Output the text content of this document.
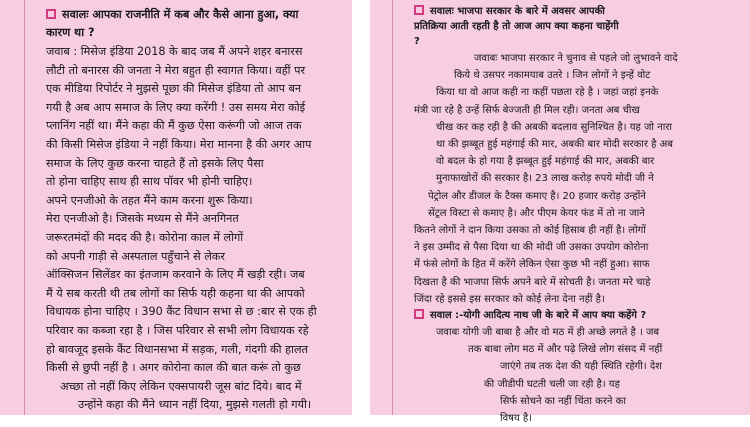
सवालः आपका राजनीति में कब और कैसे आना हुआ, क्या
कारण था ?
जवाब : मिसेज इंडिया 2018 के बाद जब मैं अपने शहर बनारस
लौटी तो बनारस की जनता ने मेरा बहुत ही स्वागत किया। वहीं पर
एक मीडिया रिपोर्टर ने मुझसे पूछा की मिसेज इंडिया तो आप बन
गयी है अब आप समाज के लिए क्या करेंगी ! उस समय मेरा कोई
प्लानिंग नहीं था। मैंने कहा की मैं कुछ ऐसा करूंगी जो आज तक
की किसी मिसेज इंडिया ने नहीं किया। मेरा मानना है की अगर आप
समाज के लिए कुछ करना चाहते हैं तो इसके लिए पैसा
तो होना चाहिए साथ ही साथ पॉवर भी होनी चाहिए।
अपने एनजीओ के तहत मैंने काम करना शुरू किया।
मेरा एनजीओ है। जिसके मध्यम से मैंने अनगिनत
जरूरतमंदों की मदद की है। कोरोना काल में लोगों
को अपनी गाड़ी से अस्पताल पहुँचाने से लेकर
ऑक्सिजन सिलेंडर का इंतजाम करवाने के लिए मैं खड़ी रही। जब
मैं ये सब करती थी तब लोगों का सिर्फ यही कहना था की आपको
विधायक होना चाहिए । 390 कैंट विधान सभा से छ :बार से एक ही
परिवार का कब्जा रहा है । जिस परिवार से सभी लोग विधायक रहे
हो बावजूद इसके कैंट विधानसभा में सड़क, गली, गंदगी की हालत
किसी से छुपी नहीं है । अगर कोरोना काल की बात करूं तो कुछ
अच्छा तो नहीं किए लेकिन एक्सपायरी जूस बांट दिये। बाद में
उन्होंने कहा की मैंने ध्यान नहीं दिया, मुझसे गलती हो गयी।
सवालः भाजपा सरकार के बारे में अवसर आपकी
प्रतिक्रिया आती रहती है तो आज आप क्या कहना चाहेंगी
?
जवाबः भाजपा सरकार ने चुनाव से पहले जो लुभावने वादे
किये थे उसपर नकामयाब उतरे । जिन लोगों ने इन्हें वोट
किया था वो आज कही ना कहीं पछता रहे है । जहां जहां इनके
मंत्री जा रहे है उन्हें सिर्फ बेज्जती ही मिल रही। जनता अब चीख
चीख कर कह रही है की अबकी बदलाव सुनिश्चित है। यह जो नारा
था की झब्बूत हुई महंगाई की मार, अबकी बार मोदी सरकार है अब
वो बदल के हो गया है झब्बूत हुई महंगाई की मार, अबकी बार
मुनाफाखोरों की सरकार है। 23 लाख करोड़ रुपये मोदी जी ने
पेट्रोल और डीजल के टैक्स कमाए है। 20 हजार करोड़ उन्होंने
सेंट्रल विस्टा से कमाए है। और पीएम केयर फंड में तो ना जाने
कितने लोगों ने दान किया उसका तो कोई हिसाब ही नहीं है। लोगों
ने इस उम्मीद से पैसा दिया था की मोदी जी उसका उपयोग कोरोना
में फंसे लोगों के हित में करेंगे लेकिन ऐसा कुछ भी नहीं हुआ। साफ
दिखता है की भाजपा सिर्फ अपने बारे में सोचती है। जनता मरे चाहे
जिंदा रहे इससे इस सरकार को कोई लेना देना नहीं है।
सवाल :-योगी आदित्य नाथ जी के बारे में आप क्या कहेंगे ?
जवाबः योगी जी बाबा है और वो मठ में ही अच्छे लगते है । जब
तक बाबा लोग मठ में और पढ़े लिखे लोग संसद में नहीं
जाएंगे तब तक देश की यही स्थिति रहेगी। देश
की जीडीपी घटती चली जा रही है। यह
सिर्फ सोचने का नहीं चिंता करने का
विषय है।
